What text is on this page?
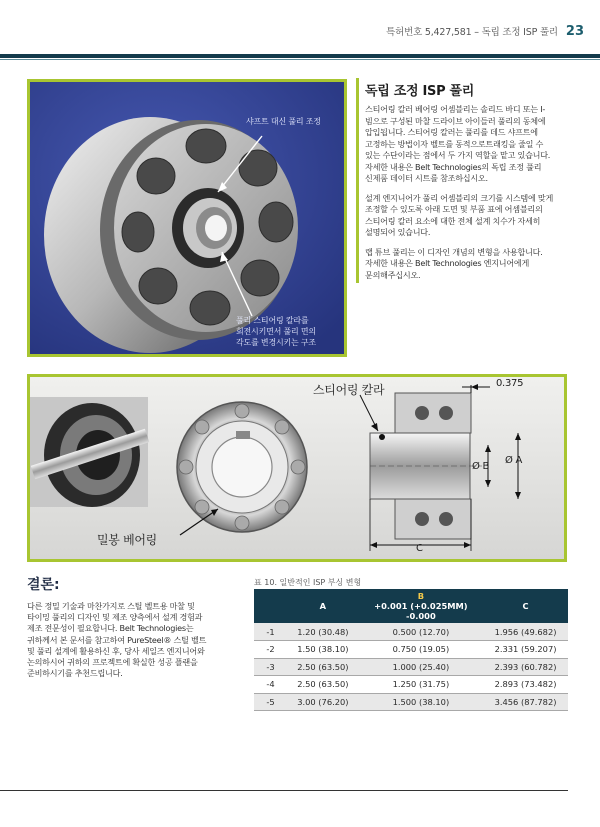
특허번호 5,427,581 – 독립 조정 ISP 풀리 23
샤프트 대신 풀리 조정
풀리 스티어링 칼라를
회전시키면서 풀리 면의
각도를 변경시키는 구조
독립 조정 ISP 풀리
스티어링 칼러 베어링 어셈블리는 솔리드 바디 또는 I-
빔으로 구성된 마찰 드라이브 아이들러 풀리의 동체에
압입됩니다. 스티어링 칼러는 풀리를 데드 샤프트에
고정하는 방법이자 벨트를 동적으로트래킹을 줄일 수
있는 수단이라는 점에서 두 가지 역할을 맡고 있습니다.
자세한 내용은 Belt Technologies의 독립 조정 풀리
신제품 데이터 시트를 참조하십시오.
설계 엔지니어가 풀리 어셈블리의 크기를 시스템에 맞게
조정할 수 있도록 아래 도면 및 부품 표에 어셈블리의
스티어링 칼러 요소에 대한 전체 설계 치수가 자세히
설명되어 있습니다.
랩 튜브 풀리는 이 디자인 개념의 변형을 사용합니다.
자세한 내용은 Belt Technologies 엔지니어에게
문의해주십시오.
스티어링 칼라	0.375
Ø B
Ø A
C
밀봉 베어링
결론:
다른 정밀 기술과 마찬가지로 스틸 벨트용 마찰 및
타이밍 풀리의 디자인 및 제조 양측에서 설계 경험과
제조 전문성이 필요합니다. Belt Technologies는
귀하께서 본 문서를 참고하여 PureSteel® 스틸 벨트
및 풀리 설계에 활용하신 후, 당사 세일즈 엔지니어와
논의하시어 귀하의 프로젝트에 확실한 성공 플랜을
준비하시기를 추천드립니다.
표 10. 일반적인 ISP 부싱 변형
	A	B
+0.001 (+0.025MM)
-0.000	C
-1	1.20 (30.48)	0.500 (12.70)	1.956 (49.682)
-2	1.50 (38.10)	0.750 (19.05)	2.331 (59.207)
-3	2.50 (63.50)	1.000 (25.40)	2.393 (60.782)
-4	2.50 (63.50)	1.250 (31.75)	2.893 (73.482)
-5	3.00 (76.20)	1.500 (38.10)	3.456 (87.782)
